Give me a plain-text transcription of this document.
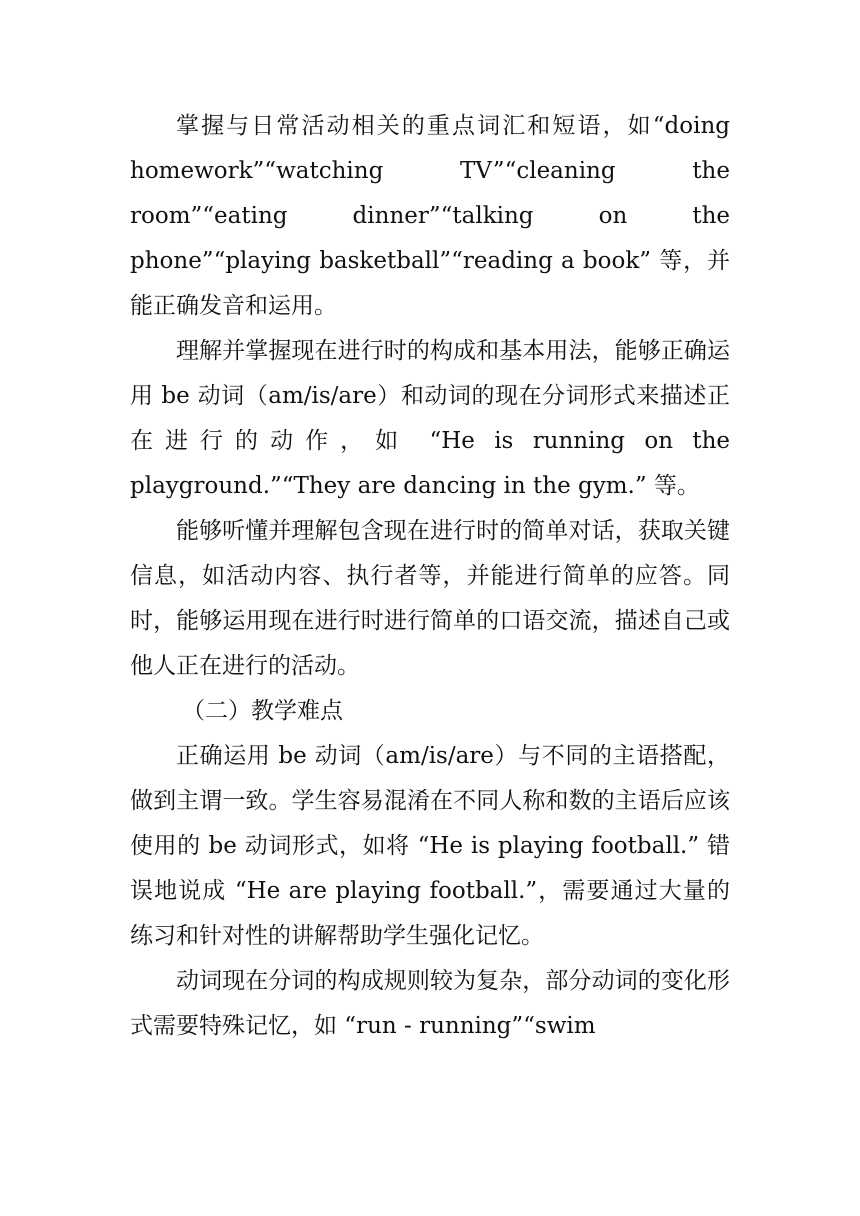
掌握与日常活动相关的重点词汇和短语，如“doing homework”“watching TV”“cleaning the room”“eating dinner”“talking on the phone”“playing basketball”“reading a book” 等，并能正确发音和运用。

理解并掌握现在进行时的构成和基本用法，能够正确运用 be 动词（am/is/are）和动词的现在分词形式来描述正在进行的动作，如 “He is running on the playground.”“They are dancing in the gym.” 等。

能够听懂并理解包含现在进行时的简单对话，获取关键信息，如活动内容、执行者等，并能进行简单的应答。同时，能够运用现在进行时进行简单的口语交流，描述自己或他人正在进行的活动。

（二）教学难点

正确运用 be 动词（am/is/are）与不同的主语搭配，做到主谓一致。学生容易混淆在不同人称和数的主语后应该使用的 be 动词形式，如将 “He is playing football.” 错误地说成 “He are playing football.”，需要通过大量的练习和针对性的讲解帮助学生强化记忆。

动词现在分词的构成规则较为复杂，部分动词的变化形式需要特殊记忆，如 “run - running”“swim
